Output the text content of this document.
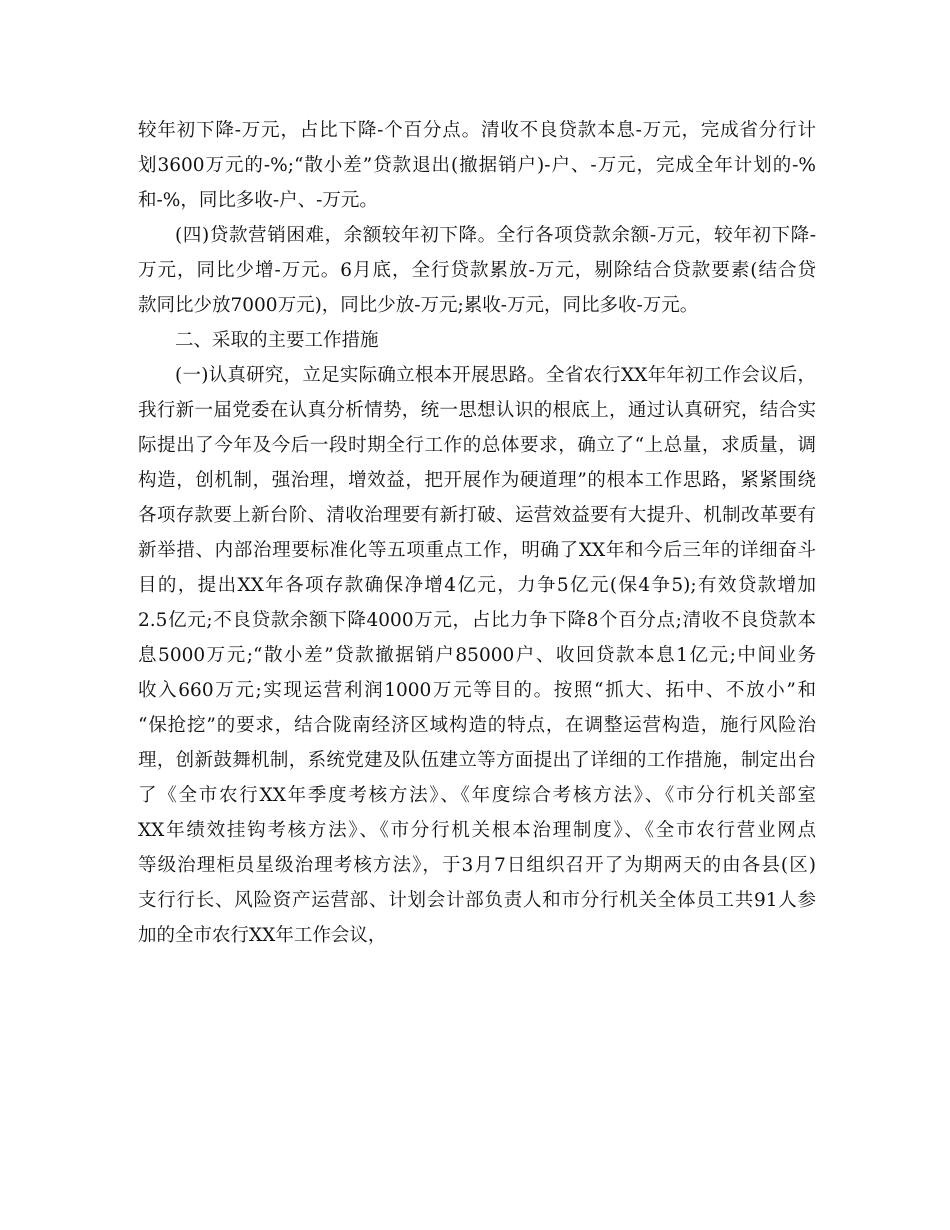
较年初下降-万元，占比下降-个百分点。清收不良贷款本息-万元，完成省分行计
划3600万元的-%;“散小差”贷款退出(撤据销户)-户、-万元，完成全年计划的-%
和-%，同比多收-户、-万元。
(四)贷款营销困难，余额较年初下降。全行各项贷款余额-万元，较年初下降-
万元，同比少增-万元。6月底，全行贷款累放-万元，剔除结合贷款要素(结合贷
款同比少放7000万元)，同比少放-万元;累收-万元，同比多收-万元。
二、采取的主要工作措施
(一)认真研究，立足实际确立根本开展思路。全省农行XX年年初工作会议后，
我行新一届党委在认真分析情势，统一思想认识的根底上，通过认真研究，结合实
际提出了今年及今后一段时期全行工作的总体要求，确立了“上总量，求质量，调
构造，创机制，强治理，增效益，把开展作为硬道理”的根本工作思路，紧紧围绕
各项存款要上新台阶、清收治理要有新打破、运营效益要有大提升、机制改革要有
新举措、内部治理要标准化等五项重点工作，明确了XX年和今后三年的详细奋斗
目的，提出XX年各项存款确保净增4亿元，力争5亿元(保4争5);有效贷款增加
2.5亿元;不良贷款余额下降4000万元，占比力争下降8个百分点;清收不良贷款本
息5000万元;“散小差”贷款撤据销户85000户、收回贷款本息1亿元;中间业务
收入660万元;实现运营利润1000万元等目的。按照“抓大、拓中、不放小”和
“保抢挖”的要求，结合陇南经济区域构造的特点，在调整运营构造，施行风险治
理，创新鼓舞机制，系统党建及队伍建立等方面提出了详细的工作措施，制定出台
了《全市农行XX年季度考核方法》、《年度综合考核方法》、《市分行机关部室
XX年绩效挂钩考核方法》、《市分行机关根本治理制度》、《全市农行营业网点
等级治理柜员星级治理考核方法》，于3月7日组织召开了为期两天的由各县(区)
支行行长、风险资产运营部、计划会计部负责人和市分行机关全体员工共91人参
加的全市农行XX年工作会议，
